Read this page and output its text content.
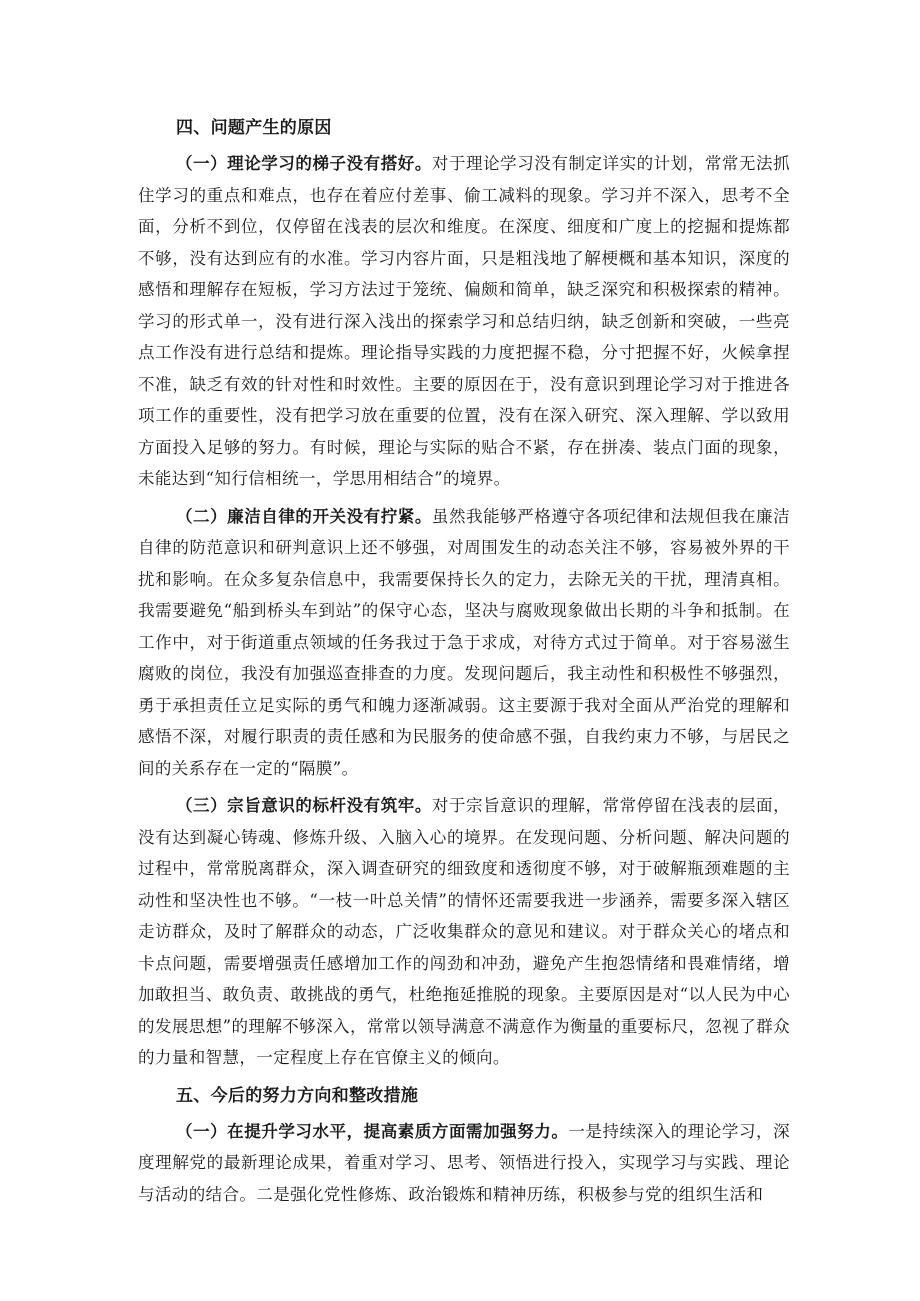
四、问题产生的原因

（一）理论学习的梯子没有搭好。对于理论学习没有制定详实的计划，常常无法抓住学习的重点和难点，也存在着应付差事、偷工减料的现象。学习并不深入，思考不全面，分析不到位，仅停留在浅表的层次和维度。在深度、细度和广度上的挖掘和提炼都不够，没有达到应有的水准。学习内容片面，只是粗浅地了解梗概和基本知识，深度的感悟和理解存在短板，学习方法过于笼统、偏颇和简单，缺乏深究和积极探索的精神。学习的形式单一，没有进行深入浅出的探索学习和总结归纳，缺乏创新和突破，一些亮点工作没有进行总结和提炼。理论指导实践的力度把握不稳，分寸把握不好，火候拿捏不准，缺乏有效的针对性和时效性。主要的原因在于，没有意识到理论学习对于推进各项工作的重要性，没有把学习放在重要的位置，没有在深入研究、深入理解、学以致用方面投入足够的努力。有时候，理论与实际的贴合不紧，存在拼凑、装点门面的现象，未能达到“知行信相统一，学思用相结合”的境界。

（二）廉洁自律的开关没有拧紧。虽然我能够严格遵守各项纪律和法规但我在廉洁自律的防范意识和研判意识上还不够强，对周围发生的动态关注不够，容易被外界的干扰和影响。在众多复杂信息中，我需要保持长久的定力，去除无关的干扰，理清真相。我需要避免“船到桥头车到站”的保守心态，坚决与腐败现象做出长期的斗争和抵制。在工作中，对于街道重点领域的任务我过于急于求成，对待方式过于简单。对于容易滋生腐败的岗位，我没有加强巡查排查的力度。发现问题后，我主动性和积极性不够强烈，勇于承担责任立足实际的勇气和魄力逐渐减弱。这主要源于我对全面从严治党的理解和感悟不深，对履行职责的责任感和为民服务的使命感不强，自我约束力不够，与居民之间的关系存在一定的“隔膜”。

（三）宗旨意识的标杆没有筑牢。对于宗旨意识的理解，常常停留在浅表的层面，没有达到凝心铸魂、修炼升级、入脑入心的境界。在发现问题、分析问题、解决问题的过程中，常常脱离群众，深入调查研究的细致度和透彻度不够，对于破解瓶颈难题的主动性和坚决性也不够。“一枝一叶总关情”的情怀还需要我进一步涵养，需要多深入辖区走访群众，及时了解群众的动态，广泛收集群众的意见和建议。对于群众关心的堵点和卡点问题，需要增强责任感增加工作的闯劲和冲劲，避免产生抱怨情绪和畏难情绪，增加敢担当、敢负责、敢挑战的勇气，杜绝拖延推脱的现象。主要原因是对“以人民为中心的发展思想”的理解不够深入，常常以领导满意不满意作为衡量的重要标尺，忽视了群众的力量和智慧，一定程度上存在官僚主义的倾向。

五、今后的努力方向和整改措施

（一）在提升学习水平，提高素质方面需加强努力。一是持续深入的理论学习，深度理解党的最新理论成果，着重对学习、思考、领悟进行投入，实现学习与实践、理论与活动的结合。二是强化党性修炼、政治锻炼和精神历练，积极参与党的组织生活和
